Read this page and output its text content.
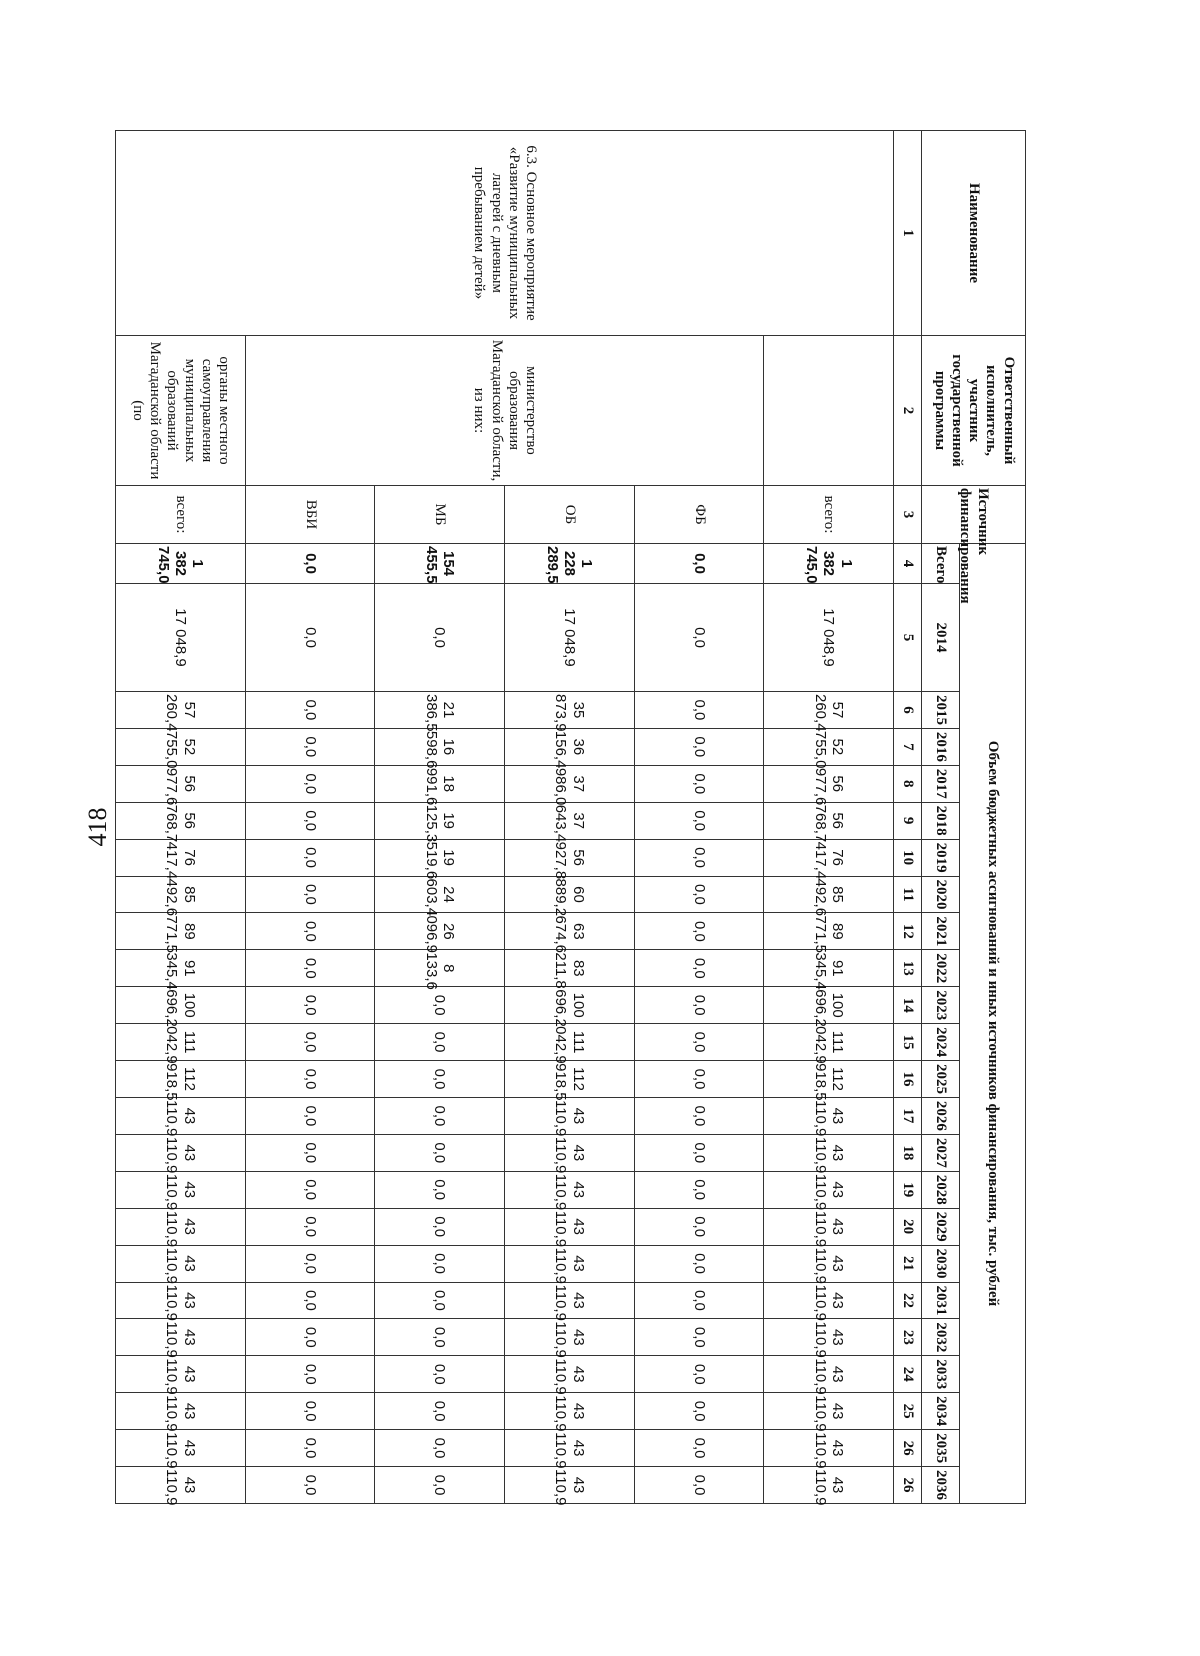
418
Наименование	Ответственный исполнитель, участник государственной программы	Источник финансирования	Объем бюджетных ассигнований и иных источников финансирования, тыс. рублей																							
			Всего	2014	2015	2016	2017	2018	2019	2020	2021	2022	2023	2024	2025	2026	2027	2028	2029	2030	2031	2032	2033	2034	2035	2036
1	2	3	4	5	6	7	8	9	10	11	12	13	14	15	16	17	18	19	20	21	22	23	24	25	26	26
6.3. Основное мероприятие «Развитие муниципальных лагерей с дневным пребыванием детей»		всего:	1 382 745,0	17 048,9	57 260,4	52 755,0	56 977,6	56 768,7	76 417,4	85 492,6	89 771,5	91 345,4	100 696,2	111 042,9	112 918,5	43 110,9	43 110,9	43 110,9	43 110,9	43 110,9	43 110,9	43 110,9	43 110,9	43 110,9	43 110,9	43 110,9
	министерство образования Магаданской области, из них:	ФБ	0,0	0,0	0,0	0,0	0,0	0,0	0,0	0,0	0,0	0,0	0,0	0,0	0,0	0,0	0,0	0,0	0,0	0,0	0,0	0,0	0,0	0,0	0,0	0,0
		ОБ	1 228 289,5	17 048,9	35 873,9	36 156,4	37 986,0	37 643,4	56 927,8	60 889,2	63 674,6	83 211,8	100 696,2	111 042,9	112 918,5	43 110,9	43 110,9	43 110,9	43 110,9	43 110,9	43 110,9	43 110,9	43 110,9	43 110,9	43 110,9	43 110,9
		МБ	154 455,5	0,0	21 386,5	16 598,6	18 991,6	19 125,3	19 519,6	24 603,4	26 096,9	8 133,6	0,0	0,0	0,0	0,0	0,0	0,0	0,0	0,0	0,0	0,0	0,0	0,0	0,0	0,0
		ВБИ	0,0	0,0	0,0	0,0	0,0	0,0	0,0	0,0	0,0	0,0	0,0	0,0	0,0	0,0	0,0	0,0	0,0	0,0	0,0	0,0	0,0	0,0	0,0	0,0
	органы местного самоуправления муниципальных образований Магаданской области (по	всего:	1 382 745,0	17 048,9	57 260,4	52 755,0	56 977,6	56 768,7	76 417,4	85 492,6	89 771,5	91 345,4	100 696,2	111 042,9	112 918,5	43 110,9	43 110,9	43 110,9	43 110,9	43 110,9	43 110,9	43 110,9	43 110,9	43 110,9	43 110,9	43 110,9
